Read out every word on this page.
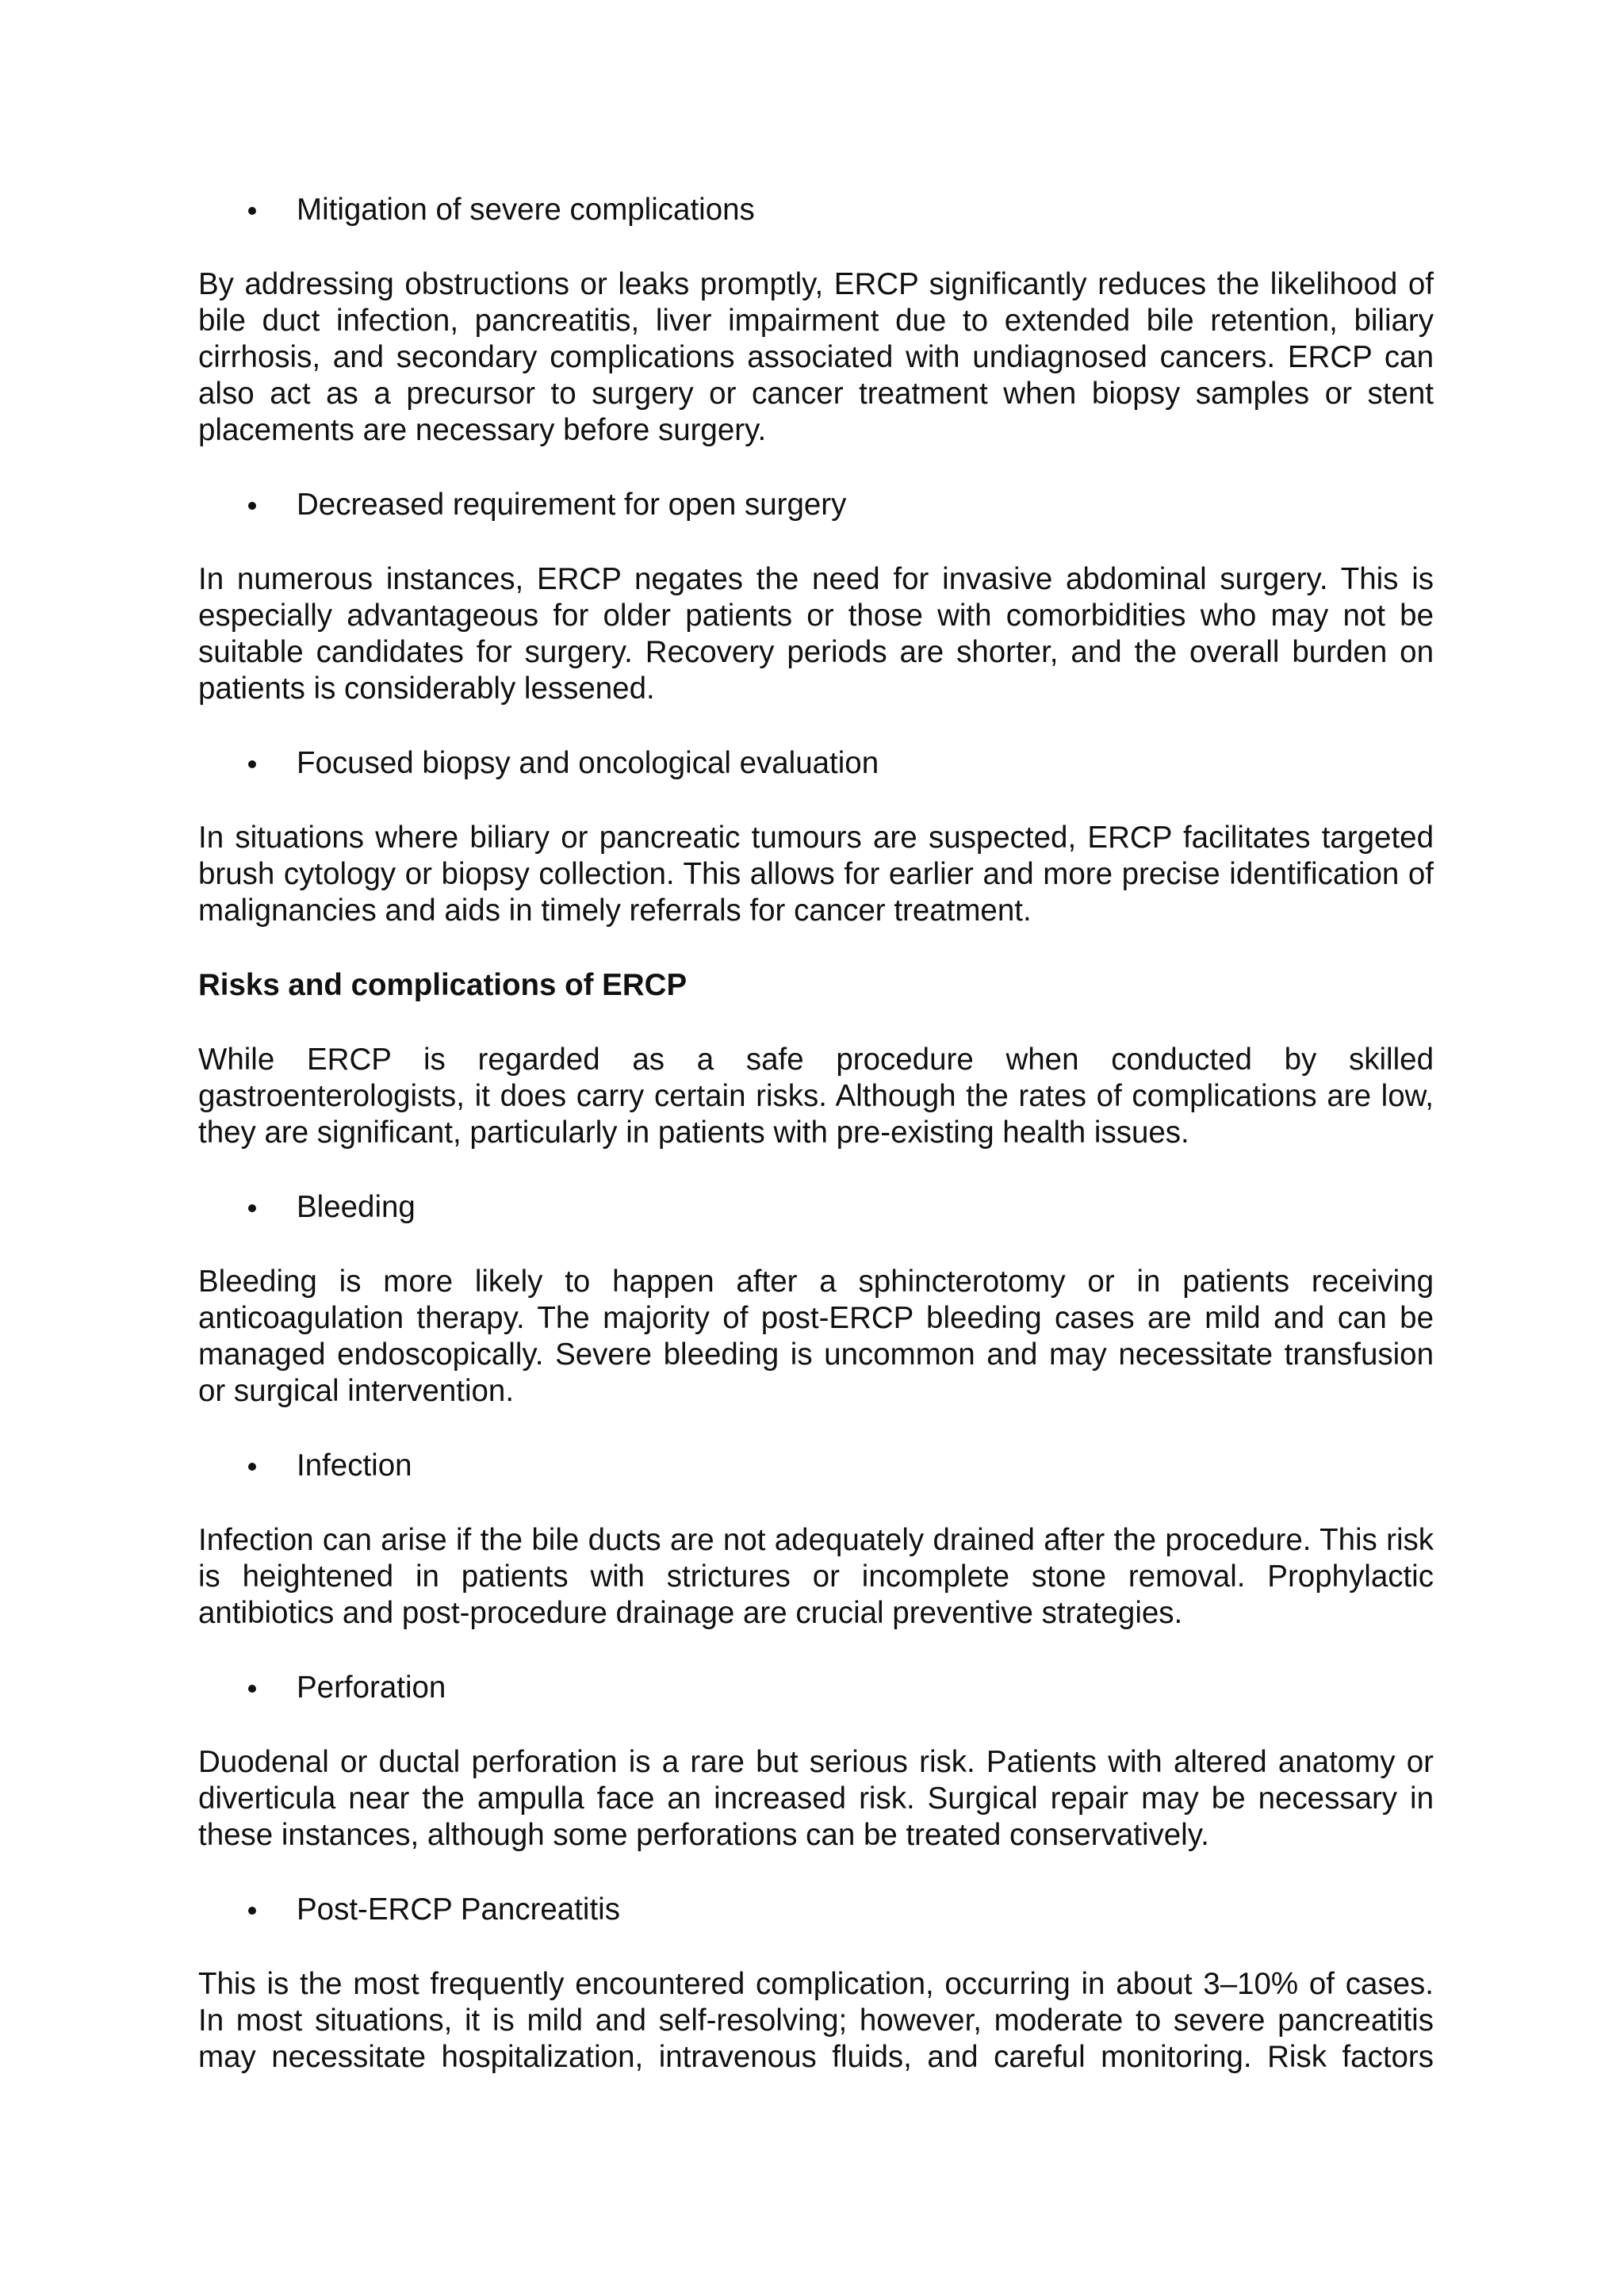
Mitigation of severe complications

By addressing obstructions or leaks promptly, ERCP significantly reduces the likelihood of bile duct infection, pancreatitis, liver impairment due to extended bile retention, biliary cirrhosis, and secondary complications associated with undiagnosed cancers. ERCP can also act as a precursor to surgery or cancer treatment when biopsy samples or stent placements are necessary before surgery.

Decreased requirement for open surgery

In numerous instances, ERCP negates the need for invasive abdominal surgery. This is especially advantageous for older patients or those with comorbidities who may not be suitable candidates for surgery. Recovery periods are shorter, and the overall burden on patients is considerably lessened.

Focused biopsy and oncological evaluation

In situations where biliary or pancreatic tumours are suspected, ERCP facilitates targeted brush cytology or biopsy collection. This allows for earlier and more precise identification of malignancies and aids in timely referrals for cancer treatment.

Risks and complications of ERCP

While ERCP is regarded as a safe procedure when conducted by skilled gastroenterologists, it does carry certain risks. Although the rates of complications are low, they are significant, particularly in patients with pre-existing health issues.

Bleeding

Bleeding is more likely to happen after a sphincterotomy or in patients receiving anticoagulation therapy. The majority of post-ERCP bleeding cases are mild and can be managed endoscopically. Severe bleeding is uncommon and may necessitate transfusion or surgical intervention.

Infection

Infection can arise if the bile ducts are not adequately drained after the procedure. This risk is heightened in patients with strictures or incomplete stone removal. Prophylactic antibiotics and post-procedure drainage are crucial preventive strategies.

Perforation

Duodenal or ductal perforation is a rare but serious risk. Patients with altered anatomy or diverticula near the ampulla face an increased risk. Surgical repair may be necessary in these instances, although some perforations can be treated conservatively.

Post-ERCP Pancreatitis

This is the most frequently encountered complication, occurring in about 3–10% of cases. In most situations, it is mild and self-resolving; however, moderate to severe pancreatitis may necessitate hospitalization, intravenous fluids, and careful monitoring. Risk factors
